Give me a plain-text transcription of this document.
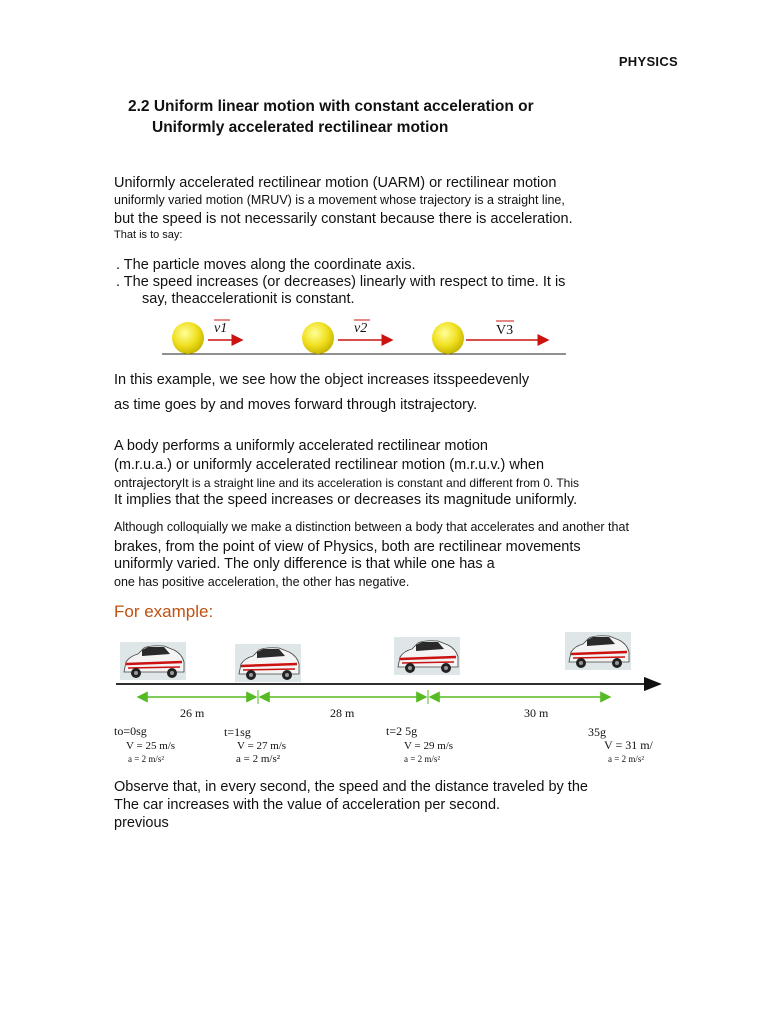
PHYSICS
2.2 Uniform linear motion with constant acceleration or
Uniformly accelerated rectilinear motion
Uniformly accelerated rectilinear motion (UARM) or rectilinear motion
uniformly varied motion (MRUV) is a movement whose trajectory is a straight line,
but the speed is not necessarily constant because there is acceleration.
That is to say:
. The particle moves along the coordinate axis.
. The speed increases (or decreases) linearly with respect to time. It is
say, theaccelerationit is constant.
v1	v2	V3
In this example, we see how the object increases itsspeedevenly
as time goes by and moves forward through itstrajectory.
A body performs a uniformly accelerated rectilinear motion
(m.r.u.a.) or uniformly accelerated rectilinear motion (m.r.u.v.) when
ontrajectoryIt is a straight line and its acceleration is constant and different from 0. This
It implies that the speed increases or decreases its magnitude uniformly.
Although colloquially we make a distinction between a body that accelerates and another that
brakes, from the point of view of Physics, both are rectilinear movements
uniformly varied. The only difference is that while one has a
one has positive acceleration, the other has negative.
For example:
26 m	28 m	30 m
to=0sg
V = 25 m/s
a = 2 m/s²
t=1sg
V = 27 m/s
a = 2 m/s²
t=2 5g
V = 29 m/s
a = 2 m/s²
35g
V = 31 m/
a = 2 m/s²
Observe that, in every second, the speed and the distance traveled by the
The car increases with the value of acceleration per second.
previous
